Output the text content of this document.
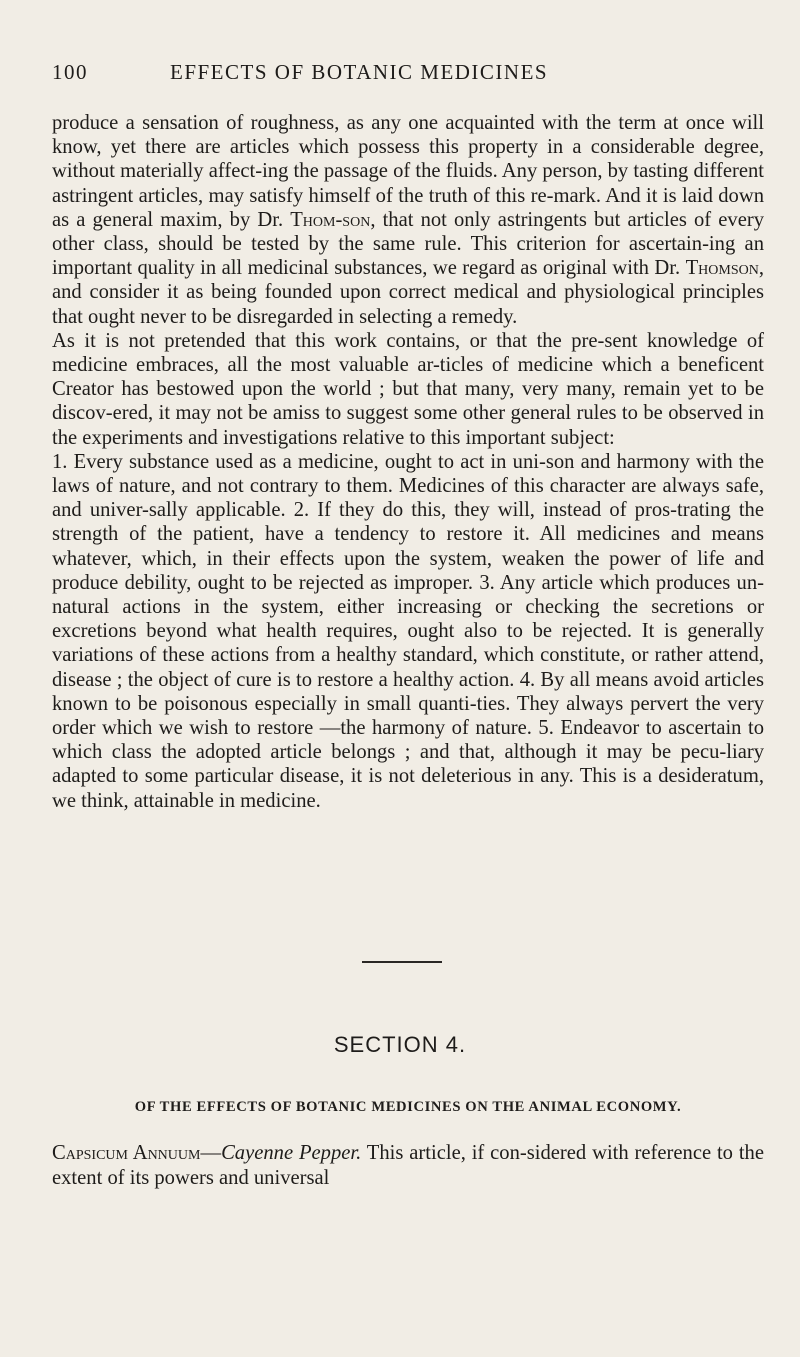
100	EFFECTS OF BOTANIC MEDICINES

produce a sensation of roughness, as any one acquainted with the term at once will know, yet there are articles which possess this property in a considerable degree, without materially affect-ing the passage of the fluids. Any person, by tasting different astringent articles, may satisfy himself of the truth of this re-mark. And it is laid down as a general maxim, by Dr. Thom-son, that not only astringents but articles of every other class, should be tested by the same rule. This criterion for ascertain-ing an important quality in all medicinal substances, we regard as original with Dr. Thomson, and consider it as being founded upon correct medical and physiological principles that ought never to be disregarded in selecting a remedy.

As it is not pretended that this work contains, or that the pre-sent knowledge of medicine embraces, all the most valuable ar-ticles of medicine which a beneficent Creator has bestowed upon the world ; but that many, very many, remain yet to be discov-ered, it may not be amiss to suggest some other general rules to be observed in the experiments and investigations relative to this important subject:

1. Every substance used as a medicine, ought to act in uni-son and harmony with the laws of nature, and not contrary to them. Medicines of this character are always safe, and univer-sally applicable. 2. If they do this, they will, instead of pros-trating the strength of the patient, have a tendency to restore it. All medicines and means whatever, which, in their effects upon the system, weaken the power of life and produce debility, ought to be rejected as improper. 3. Any article which produces un-natural actions in the system, either increasing or checking the secretions or excretions beyond what health requires, ought also to be rejected. It is generally variations of these actions from a healthy standard, which constitute, or rather attend, disease ; the object of cure is to restore a healthy action. 4. By all means avoid articles known to be poisonous especially in small quanti-ties. They always pervert the very order which we wish to restore —the harmony of nature. 5. Endeavor to ascertain to which class the adopted article belongs ; and that, although it may be pecu-liary adapted to some particular disease, it is not deleterious in any. This is a desideratum, we think, attainable in medicine.

SECTION 4.
OF THE EFFECTS OF BOTANIC MEDICINES ON THE ANIMAL ECONOMY.

Capsicum Annuum—Cayenne Pepper. This article, if con-sidered with reference to the extent of its powers and universal
